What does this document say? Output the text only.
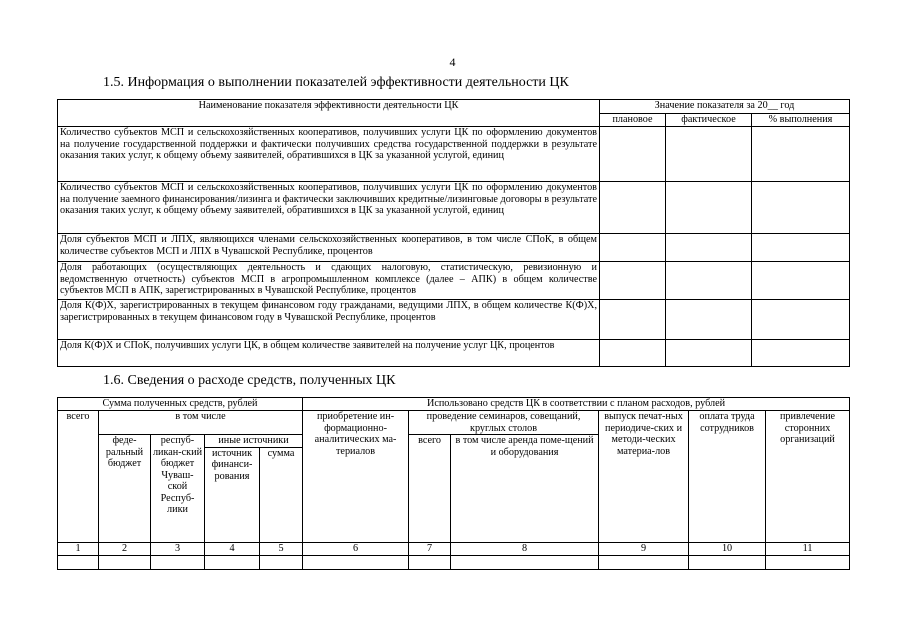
4
1.5. Информация о выполнении показателей эффективности деятельности ЦК
Наименование показателя эффективности деятельности ЦК	Значение показателя за 20__ год		
	плановое	фактическое	% выполнения
Количество субъектов МСП и сельскохозяйственных кооперативов, получивших услуги ЦК по оформлению документов на получение государственной поддержки и фактически получивших средства государственной поддержки в результате оказания таких услуг, к общему объему заявителей, обратившихся в ЦК за указанной услугой, единиц			
Количество субъектов МСП и сельскохозяйственных кооперативов, получивших услуги ЦК по оформлению документов на получение заемного финансирования/лизинга и фактически заключивших кредитные/лизинговые договоры в результате оказания таких услуг, к общему объему заявителей, обратившихся в ЦК за указанной услугой, единиц			
Доля субъектов МСП и ЛПХ, являющихся членами сельскохозяйственных кооперативов, в том числе СПоК, в общем количестве субъектов МСП и ЛПХ в Чувашской Республике, процентов			
Доля работающих (осуществляющих деятельность и сдающих налоговую, статистическую, ревизионную и ведомственную отчетность) субъектов МСП в агропромышленном комплексе (далее – АПК) в общем количестве субъектов МСП в АПК, зарегистрированных в Чувашской Республике, процентов			
Доля К(Ф)Х, зарегистрированных в текущем финансовом году гражданами, ведущими ЛПХ, в общем количестве К(Ф)Х, зарегистрированных в текущем финансовом году в Чувашской Республике, процентов			
Доля К(Ф)Х и СПоК, получивших услуги ЦК, в общем количестве заявителей на получение услуг ЦК, процентов			
1.6. Сведения о расходе средств, полученных ЦК
Сумма полученных средств, рублей					Использовано средств ЦК в соответствии с планом расходов, рублей					
всего	в том числе				приобретение ин-формационно-аналитических ма-териалов	проведение семинаров, совещаний, круглых столов		выпуск печат-ных периодиче-ских и методи-ческих материа-лов	оплата труда сотрудников	привлечение сторонних организаций
	феде-ральный бюджет	респуб-ликан-ский бюджет Чуваш-ской Респуб-лики	иные источники			всего	в том числе аренда поме-щений и оборудования			
			источник финанси-рования	сумма						
1	2	3	4	5	6	7	8	9	10	11
